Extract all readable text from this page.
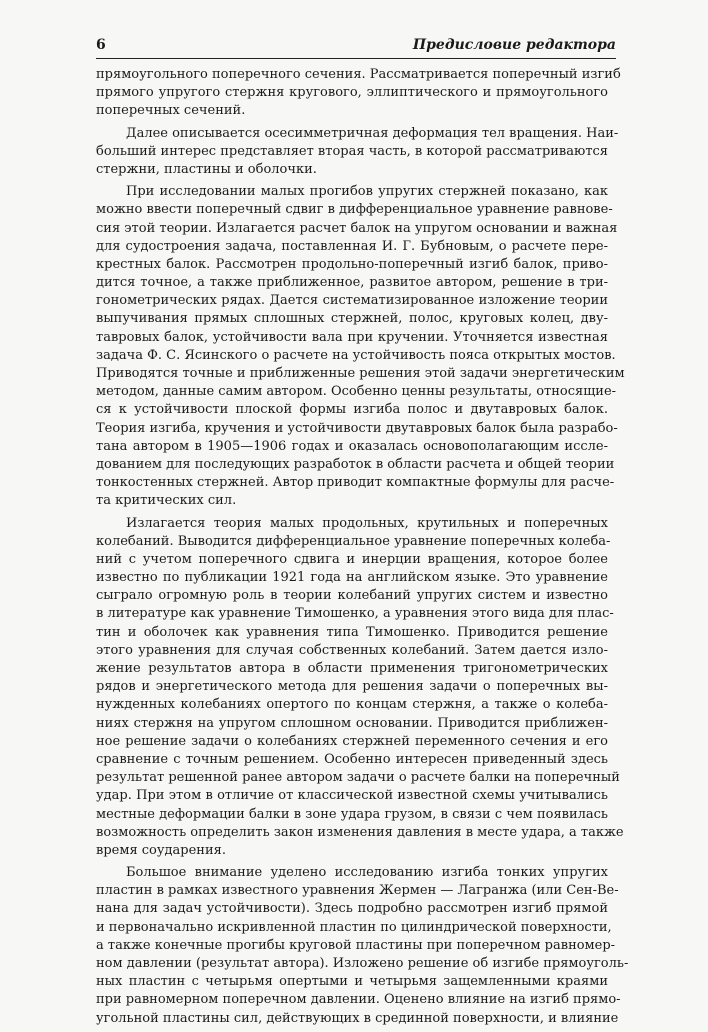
6	Предисловие редактора
прямоугольного поперечного сечения. Рассматривается поперечный изгиб
прямого упругого стержня кругового, эллиптического и прямоугольного
поперечных сечений.
Далее описывается осесимметричная деформация тел вращения. Наи-
больший интерес представляет вторая часть, в которой рассматриваются
стержни, пластины и оболочки.
При исследовании малых прогибов упругих стержней показано, как
можно ввести поперечный сдвиг в дифференциальное уравнение равнове-
сия этой теории. Излагается расчет балок на упругом основании и важная
для судостроения задача, поставленная И. Г. Бубновым, о расчете пере-
крестных балок. Рассмотрен продольно-поперечный изгиб балок, приво-
дится точное, а также приближенное, развитое автором, решение в три-
гонометрических рядах. Дается систематизированное изложение теории
выпучивания прямых сплошных стержней, полос, круговых колец, дву-
тавровых балок, устойчивости вала при кручении. Уточняется известная
задача Ф. С. Ясинского о расчете на устойчивость пояса открытых мостов.
Приводятся точные и приближенные решения этой задачи энергетическим
методом, данные самим автором. Особенно ценны результаты, относящие-
ся к устойчивости плоской формы изгиба полос и двутавровых балок.
Теория изгиба, кручения и устойчивости двутавровых балок была разрабо-
тана автором в 1905—1906 годах и оказалась основополагающим иссле-
дованием для последующих разработок в области расчета и общей теории
тонкостенных стержней. Автор приводит компактные формулы для расче-
та критических сил.
Излагается теория малых продольных, крутильных и поперечных
колебаний. Выводится дифференциальное уравнение поперечных колеба-
ний с учетом поперечного сдвига и инерции вращения, которое более
известно по публикации 1921 года на английском языке. Это уравнение
сыграло огромную роль в теории колебаний упругих систем и известно
в литературе как уравнение Тимошенко, а уравнения этого вида для плас-
тин и оболочек как уравнения типа Тимошенко. Приводится решение
этого уравнения для случая собственных колебаний. Затем дается изло-
жение результатов автора в области применения тригонометрических
рядов и энергетического метода для решения задачи о поперечных вы-
нужденных колебаниях опертого по концам стержня, а также о колеба-
ниях стержня на упругом сплошном основании. Приводится приближен-
ное решение задачи о колебаниях стержней переменного сечения и его
сравнение с точным решением. Особенно интересен приведенный здесь
результат решенной ранее автором задачи о расчете балки на поперечный
удар. При этом в отличие от классической известной схемы учитывались
местные деформации балки в зоне удара грузом, в связи с чем появилась
возможность определить закон изменения давления в месте удара, а также
время соударения.
Большое внимание уделено исследованию изгиба тонких упругих
пластин в рамках известного уравнения Жермен — Лагранжа (или Сен-Ве-
нана для задач устойчивости). Здесь подробно рассмотрен изгиб прямой
и первоначально искривленной пластин по цилиндрической поверхности,
а также конечные прогибы круговой пластины при поперечном равномер-
ном давлении (результат автора). Изложено решение об изгибе прямоуголь-
ных пластин с четырьмя опертыми и четырьмя защемленными краями
при равномерном поперечном давлении. Оценено влияние на изгиб прямо-
угольной пластины сил, действующих в срединной поверхности, и влияние
